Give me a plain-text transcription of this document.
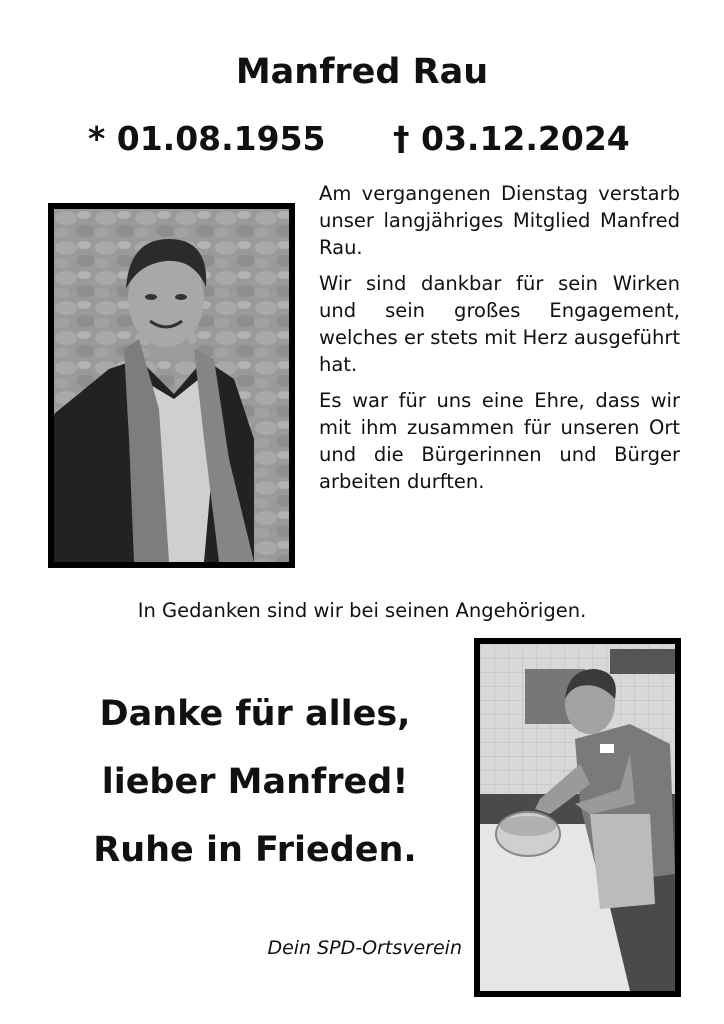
Manfred Rau
* 01.08.1955 † 03.12.2024

Am vergangenen Dienstag verstarb unser langjähriges Mitglied Manfred Rau.

Wir sind dankbar für sein Wirken und sein großes Engagement, welches er stets mit Herz ausgeführt hat.

Es war für uns eine Ehre, dass wir mit ihm zusammen für unseren Ort und die Bürgerinnen und Bürger arbeiten durften.

In Gedanken sind wir bei seinen Angehörigen.
Danke für alles,
lieber Manfred!
Ruhe in Frieden.
Dein SPD-Ortsverein
